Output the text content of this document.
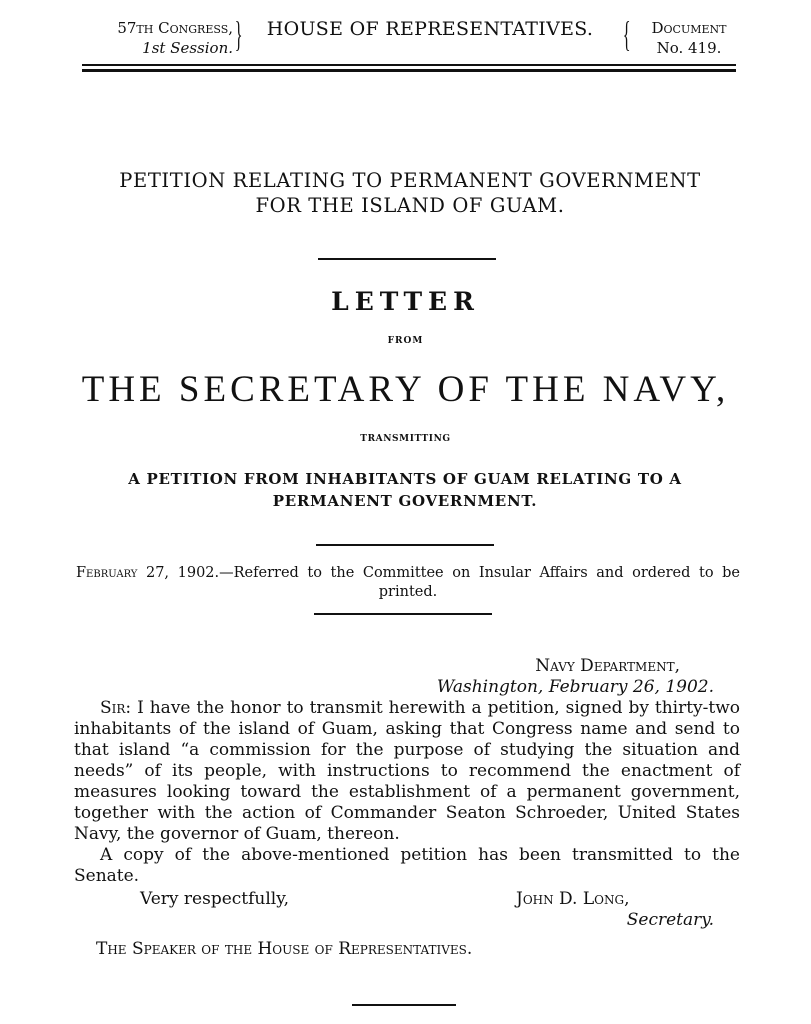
57th Congress,
1st Session. }	HOUSE OF REPRESENTATIVES. {	Document
No. 419.
PETITION RELATING TO PERMANENT GOVERNMENT
FOR THE ISLAND OF GUAM.
LETTER
FROM
THE SECRETARY OF THE NAVY,
TRANSMITTING
A PETITION FROM INHABITANTS OF GUAM RELATING TO A
PERMANENT GOVERNMENT.
February 27, 1902.—Referred to the Committee on Insular Affairs and ordered to be printed.
Navy Department,
Washington, February 26, 1902.

Sir: I have the honor to transmit herewith a petition, signed by thirty-two inhabitants of the island of Guam, asking that Congress name and send to that island “a commission for the purpose of studying the situation and needs” of its people, with instructions to recommend the enactment of measures looking toward the establishment of a permanent government, together with the action of Commander Seaton Schroeder, United States Navy, the governor of Guam, thereon.

A copy of the above-mentioned petition has been transmitted to the Senate.

Very respectfully,	John D. Long,
Secretary.
The Speaker of the House of Representatives.
